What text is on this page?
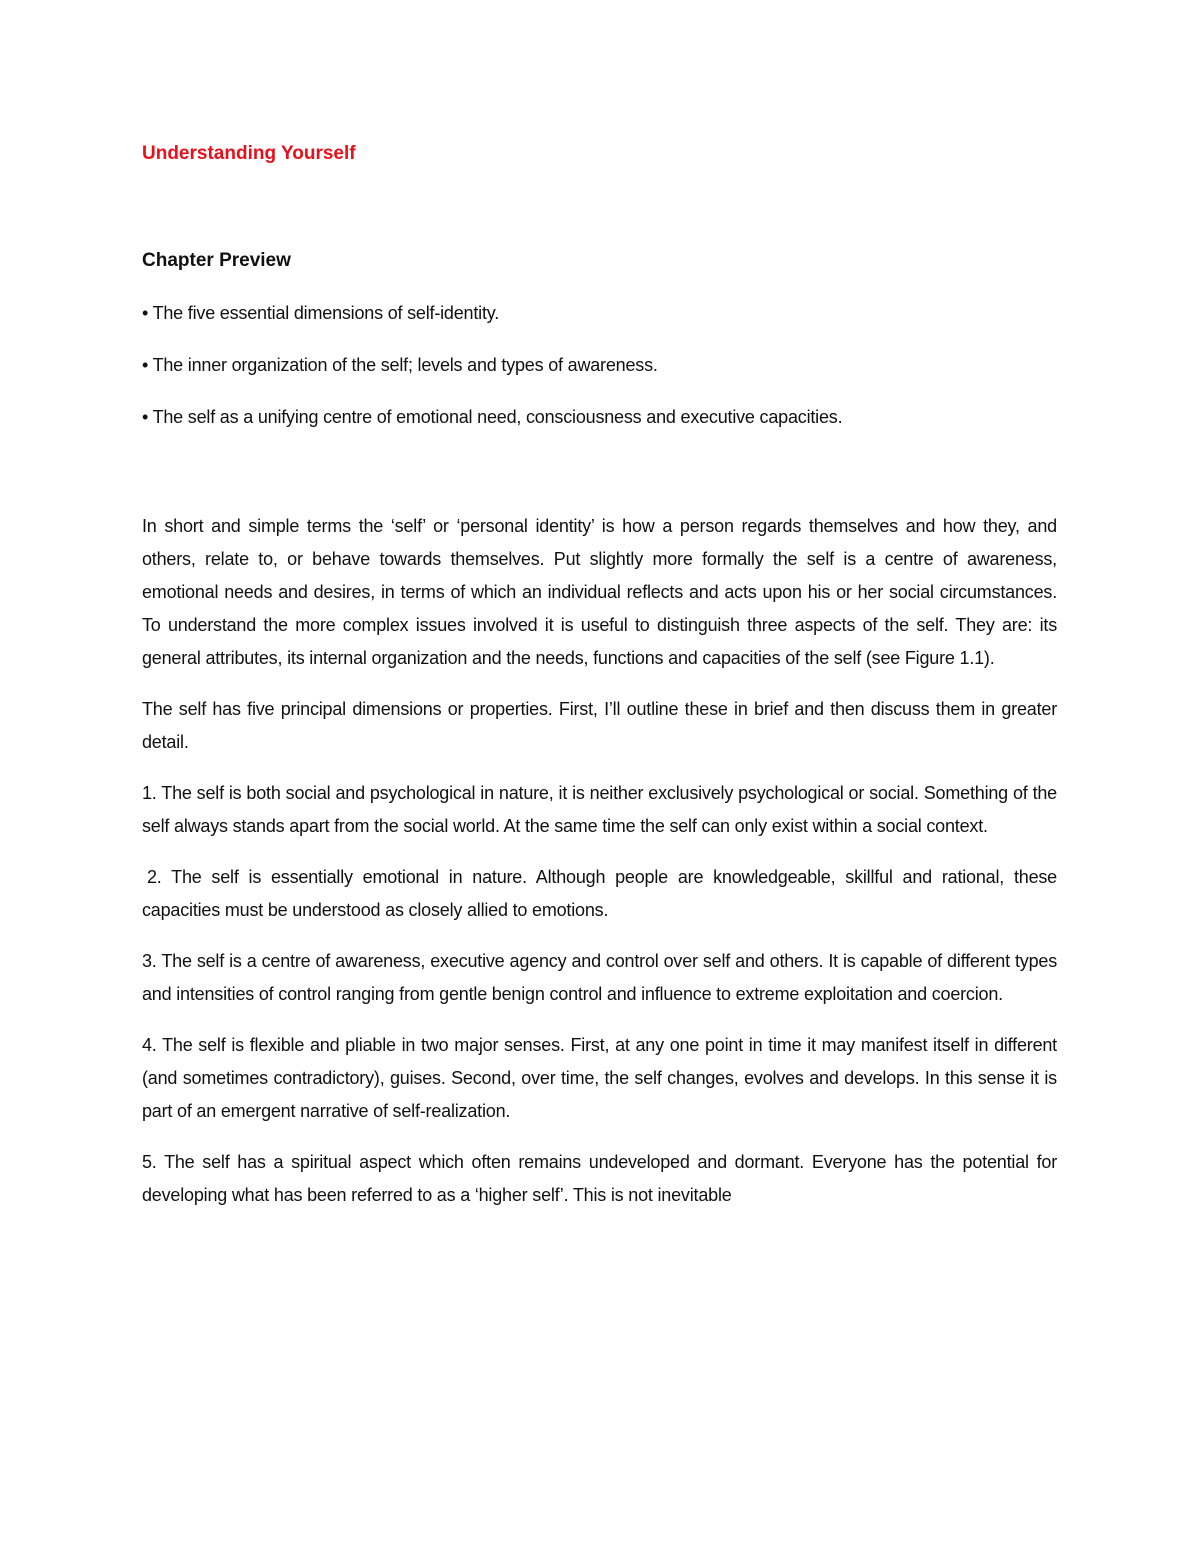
Understanding Yourself
Chapter Preview
• The five essential dimensions of self-identity.
• The inner organization of the self; levels and types of awareness.
• The self as a unifying centre of emotional need, consciousness and executive capacities.

In short and simple terms the ‘self’ or ‘personal identity’ is how a person regards themselves and how they, and others, relate to, or behave towards themselves. Put slightly more formally the self is a centre of awareness, emotional needs and desires, in terms of which an individual reflects and acts upon his or her social circumstances. To understand the more complex issues involved it is useful to distinguish three aspects of the self. They are: its general attributes, its internal organization and the needs, functions and capacities of the self (see Figure 1.1).

The self has five principal dimensions or properties. First, I’ll outline these in brief and then discuss them in greater detail.

1. The self is both social and psychological in nature, it is neither exclusively psychological or social. Something of the self always stands apart from the social world. At the same time the self can only exist within a social context.

2. The self is essentially emotional in nature. Although people are knowledgeable, skillful and rational, these capacities must be understood as closely allied to emotions.

3. The self is a centre of awareness, executive agency and control over self and others. It is capable of different types and intensities of control ranging from gentle benign control and influence to extreme exploitation and coercion.

4. The self is flexible and pliable in two major senses. First, at any one point in time it may manifest itself in different (and sometimes contradictory), guises. Second, over time, the self changes, evolves and develops. In this sense it is part of an emergent narrative of self-realization.

5. The self has a spiritual aspect which often remains undeveloped and dormant. Everyone has the potential for developing what has been referred to as a ‘higher self’. This is not inevitable
